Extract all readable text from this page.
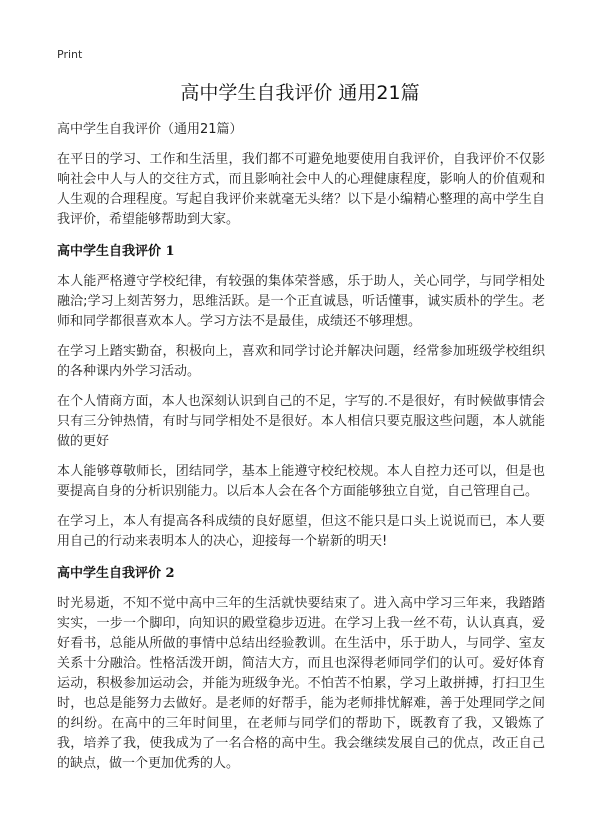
Print
高中学生自我评价 通用21篇

高中学生自我评价（通用21篇）

在平日的学习、工作和生活里，我们都不可避免地要使用自我评价，自我评价不仅影响社会中人与人的交往方式，而且影响社会中人的心理健康程度，影响人的价值观和人生观的合理程度。写起自我评价来就毫无头绪？以下是小编精心整理的高中学生自我评价，希望能够帮助到大家。

高中学生自我评价 1

本人能严格遵守学校纪律，有较强的集体荣誉感，乐于助人，关心同学，与同学相处融洽;学习上刻苦努力，思维活跃。是一个正直诚恳，听话懂事，诚实质朴的学生。老师和同学都很喜欢本人。学习方法不是最佳，成绩还不够理想。

在学习上踏实勤奋，积极向上，喜欢和同学讨论并解决问题，经常参加班级学校组织的各种课内外学习活动。

在个人情商方面，本人也深刻认识到自己的不足，字写的.不是很好，有时候做事情会只有三分钟热情，有时与同学相处不是很好。本人相信只要克服这些问题，本人就能做的更好

本人能够尊敬师长，团结同学，基本上能遵守校纪校规。本人自控力还可以，但是也要提高自身的分析识别能力。以后本人会在各个方面能够独立自觉，自己管理自己。

在学习上，本人有提高各科成绩的良好愿望，但这不能只是口头上说说而已，本人要用自己的行动来表明本人的决心，迎接每一个崭新的明天!

高中学生自我评价 2

时光易逝，不知不觉中高中三年的生活就快要结束了。进入高中学习三年来，我踏踏实实，一步一个脚印，向知识的殿堂稳步迈进。在学习上我一丝不苟，认认真真，爱好看书，总能从所做的事情中总结出经验教训。在生活中，乐于助人，与同学、室友关系十分融洽。性格活泼开朗，简洁大方，而且也深得老师同学们的认可。爱好体育运动，积极参加运动会，并能为班级争光。不怕苦不怕累，学习上敢拼搏，打扫卫生时，也总是能努力去做好。是老师的好帮手，能为老师排忧解难，善于处理同学之间的纠纷。在高中的三年时间里，在老师与同学们的帮助下，既教育了我，又锻炼了我，培养了我，使我成为了一名合格的高中生。我会继续发展自己的优点，改正自己的缺点，做一个更加优秀的人。
